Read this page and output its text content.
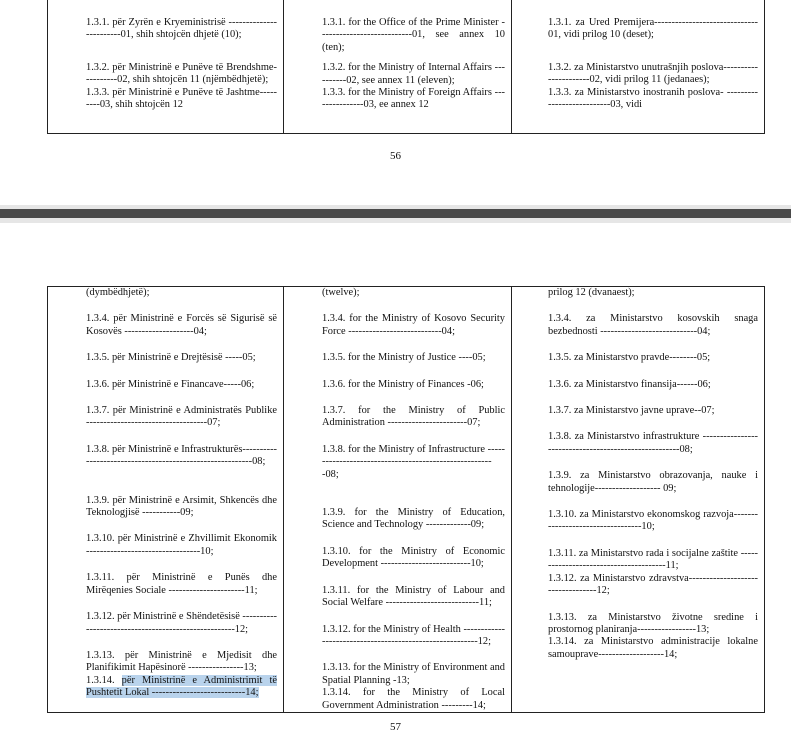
1.3.1. për Zyrën e Kryeministrisë ------------------------01, shih shtojcën dhjetë (10);
1.3.2. për Ministrinë e Punëve të Brendshme----------02, shih shtojcën 11 (njëmbëdhjetë);
1.3.3. për Ministrinë e Punëve të Jashtme---------03, shih shtojcën 12

1.3.1. for the Office of the Prime Minister ---------------------------01, see annex 10 (ten);
1.3.2. for the Ministry of Internal Affairs ----------02, see annex 11 (eleven);
1.3.3. for the Ministry of Foreign Affairs ---------------03, ee annex 12

1.3.1. za Ured Premijera------------------------------ 01, vidi prilog 10 (deset);
1.3.2. za Ministarstvo unutrašnjih poslova----------------------02, vidi prilog 11 (jedanaes);
1.3.3. za Ministarstvo inostranih poslova- ---------------------------03, vidi
56
(dymbëdhjetë);
1.3.4. për Ministrinë e Forcës së Sigurisë së Kosovës --------------------04;
1.3.5. për Ministrinë e Drejtësisë -----05;
1.3.6. për Ministrinë e Financave-----06;
1.3.7. për Ministrinë e Administratës Publike -----------------------------------07;
1.3.8. për Ministrinë e Infrastrukturës----------------------------------------------------------08;
1.3.9. për Ministrinë e Arsimit, Shkencës dhe Teknologjisë -----------09;
1.3.10. për Ministrinë e Zhvillimit Ekonomik ---------------------------------10;
1.3.11. për Ministrinë e Punës dhe Mirëqenies Sociale ----------------------11;
1.3.12. për Ministrinë e Shëndetësisë -----------------------------------------------------12;
1.3.13. për Ministrinë e Mjedisit dhe Planifikimit Hapësinorë ----------------13;
1.3.14. për Ministrinë e Administrimit të Pushtetit Lokal ---------------------------14;

(twelve);
1.3.4. for the Ministry of Kosovo Security Force ---------------------------04;
1.3.5. for the Ministry of Justice ----05;
1.3.6. for the Ministry of Finances -06;
1.3.7. for the Ministry of Public Administration -----------------------07;
1.3.8. for the Ministry of Infrastructure -------------------------------------------------------08;
1.3.9. for the Ministry of Education, Science and Technology -------------09;
1.3.10. for the Ministry of Economic Development --------------------------10;
1.3.11. for the Ministry of Labour and Social Welfare ---------------------------11;
1.3.12. for the Ministry of Health ---------------------------------------------------------12;
1.3.13. for the Ministry of Environment and Spatial Planning -13;
1.3.14. for the Ministry of Local Government Administration ---------14;

prilog 12 (dvanaest);
1.3.4. za Ministarstvo kosovskih snaga bezbednosti ----------------------------04;
1.3.5. za Ministarstvo pravde--------05;
1.3.6. za Ministarstvo finansija------06;
1.3.7. za Ministarstvo javne uprave--07;
1.3.8. za Ministarstvo infrastrukture ------------------------------------------------------08;
1.3.9. za Ministarstvo obrazovanja, nauke i tehnologije------------------- 09;
1.3.10. za Ministarstvo ekonomskog razvoja----------------------------------10;
1.3.11. za Ministarstvo rada i socijalne zaštite ---------------------------------------11;
1.3.12. za Ministarstvo zdravstva----------------------------------12;
1.3.13. za Ministarstvo životne sredine i prostornog planiranja-----------------13;
1.3.14. za Ministarstvo administracije lokalne samouprave-------------------14;
57
